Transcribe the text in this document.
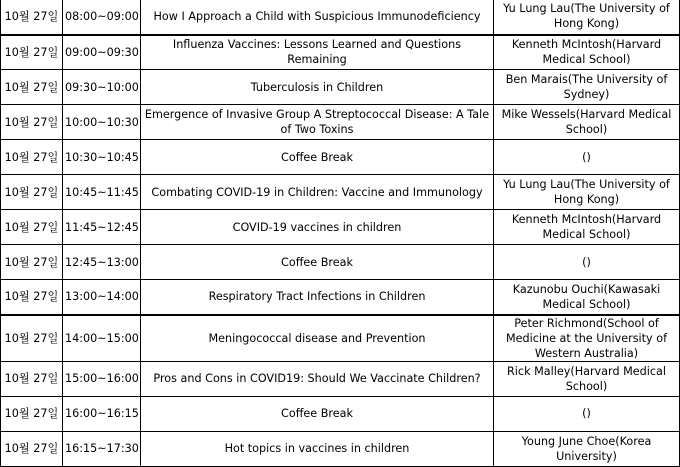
10월 27일	08:00~09:00	How I Approach a Child with Suspicious Immunodeficiency	Yu Lung Lau(The University of Hong Kong)
10월 27일	09:00~09:30	Influenza Vaccines: Lessons Learned and Questions Remaining	Kenneth McIntosh(Harvard Medical School)
10월 27일	09:30~10:00	Tuberculosis in Children	Ben Marais(The University of Sydney)
10월 27일	10:00~10:30	Emergence of Invasive Group A Streptococcal Disease: A Tale of Two Toxins	Mike Wessels(Harvard Medical School)
10월 27일	10:30~10:45	Coffee Break	()
10월 27일	10:45~11:45	Combating COVID-19 in Children: Vaccine and Immunology	Yu Lung Lau(The University of Hong Kong)
10월 27일	11:45~12:45	COVID-19 vaccines in children	Kenneth McIntosh(Harvard Medical School)
10월 27일	12:45~13:00	Coffee Break	()
10월 27일	13:00~14:00	Respiratory Tract Infections in Children	Kazunobu Ouchi(Kawasaki Medical School)
10월 27일	14:00~15:00	Meningococcal disease and Prevention	Peter Richmond(School of Medicine at the University of Western Australia)
10월 27일	15:00~16:00	Pros and Cons in COVID19: Should We Vaccinate Children?	Rick Malley(Harvard Medical School)
10월 27일	16:00~16:15	Coffee Break	()
10월 27일	16:15~17:30	Hot topics in vaccines in children	Young June Choe(Korea University)
